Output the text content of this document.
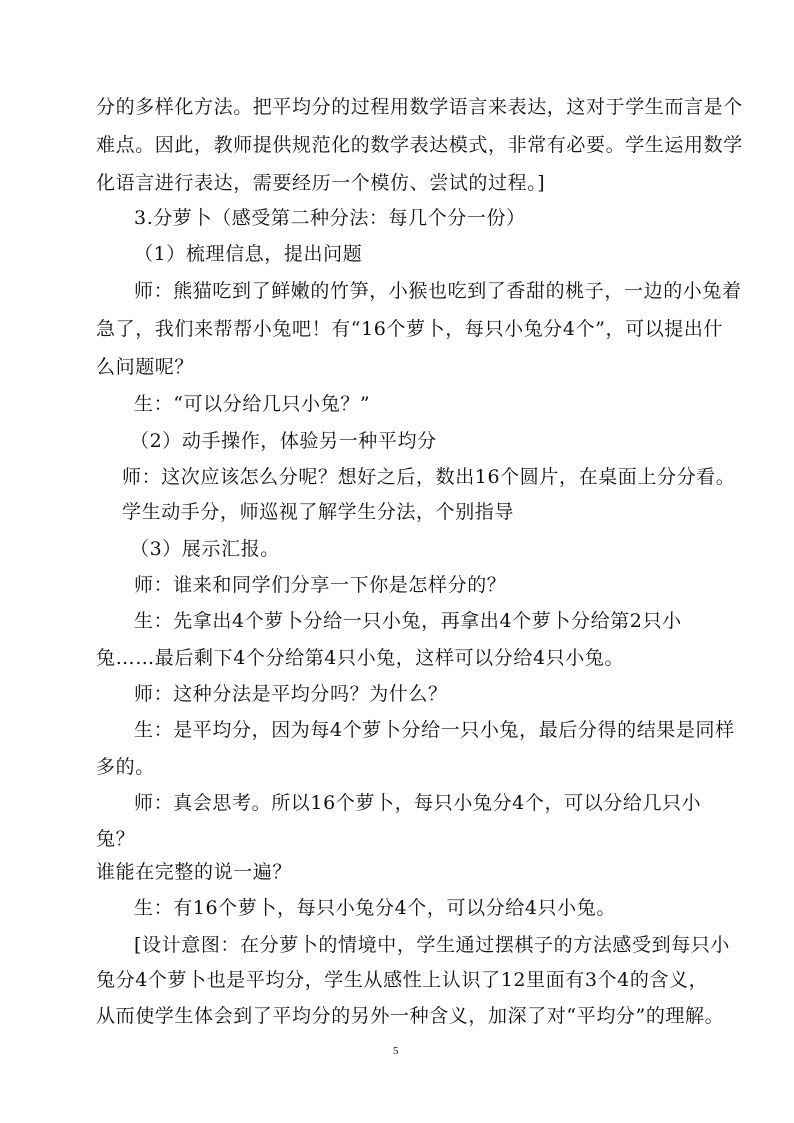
分的多样化方法。把平均分的过程用数学语言来表达，这对于学生而言是个
难点。因此，教师提供规范化的数学表达模式，非常有必要。学生运用数学
化语言进行表达，需要经历一个模仿、尝试的过程。]
3.分萝卜（感受第二种分法：每几个分一份）
（1）梳理信息，提出问题
师：熊猫吃到了鲜嫩的竹笋，小猴也吃到了香甜的桃子，一边的小兔着
急了，我们来帮帮小兔吧！有“16个萝卜，每只小兔分4个”，可以提出什
么问题呢？
生：“可以分给几只小兔？”
（2）动手操作，体验另一种平均分
师：这次应该怎么分呢？想好之后，数出16个圆片，在桌面上分分看。
学生动手分，师巡视了解学生分法，个别指导
（3）展示汇报。
师：谁来和同学们分享一下你是怎样分的？
生：先拿出4个萝卜分给一只小兔，再拿出4个萝卜分给第2只小
兔……最后剩下4个分给第4只小兔，这样可以分给4只小兔。
师：这种分法是平均分吗？为什么？
生：是平均分，因为每4个萝卜分给一只小兔，最后分得的结果是同样
多的。
师：真会思考。所以16个萝卜，每只小兔分4个，可以分给几只小
兔？
谁能在完整的说一遍？
生：有16个萝卜，每只小兔分4个，可以分给4只小兔。
[设计意图：在分萝卜的情境中，学生通过摆棋子的方法感受到每只小
兔分4个萝卜也是平均分，学生从感性上认识了12里面有3个4的含义，
从而使学生体会到了平均分的另外一种含义，加深了对“平均分”的理解。
5
